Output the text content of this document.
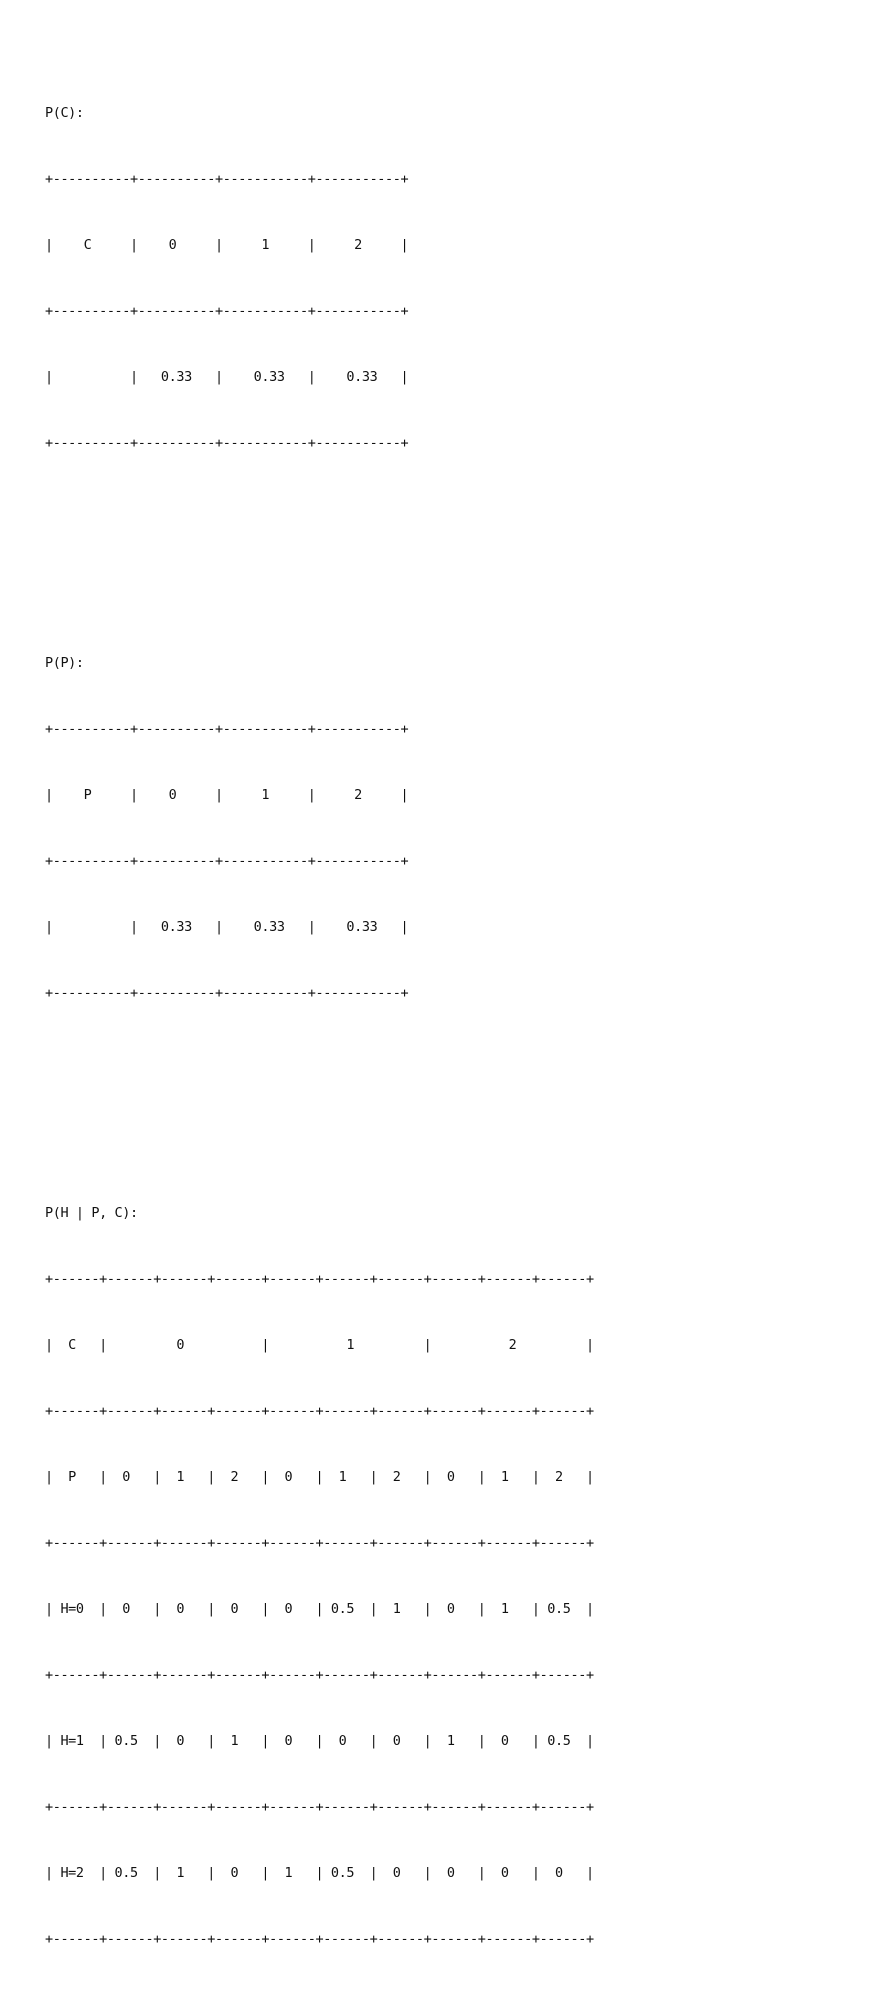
P(C):

+----------+----------+-----------+-----------+

|    C     |    0     |     1     |     2     |

+----------+----------+-----------+-----------+

|          |   0.33   |    0.33   |    0.33   |

+----------+----------+-----------+-----------+

P(P):

+----------+----------+-----------+-----------+

|    P     |    0     |     1     |     2     |

+----------+----------+-----------+-----------+

|          |   0.33   |    0.33   |    0.33   |

+----------+----------+-----------+-----------+

P(H | P, C):

+------+------+------+------+------+------+------+------+------+------+

|  C   |         0          |          1         |          2         |

+------+------+------+------+------+------+------+------+------+------+

|  P   |  0   |  1   |  2   |  0   |  1   |  2   |  0   |  1   |  2   |

+------+------+------+------+------+------+------+------+------+------+

| H=0  |  0   |  0   |  0   |  0   | 0.5  |  1   |  0   |  1   | 0.5  |

+------+------+------+------+------+------+------+------+------+------+

| H=1  | 0.5  |  0   |  1   |  0   |  0   |  0   |  1   |  0   | 0.5  |

+------+------+------+------+------+------+------+------+------+------+

| H=2  | 0.5  |  1   |  0   |  1   | 0.5  |  0   |  0   |  0   |  0   |

+------+------+------+------+------+------+------+------+------+------+
